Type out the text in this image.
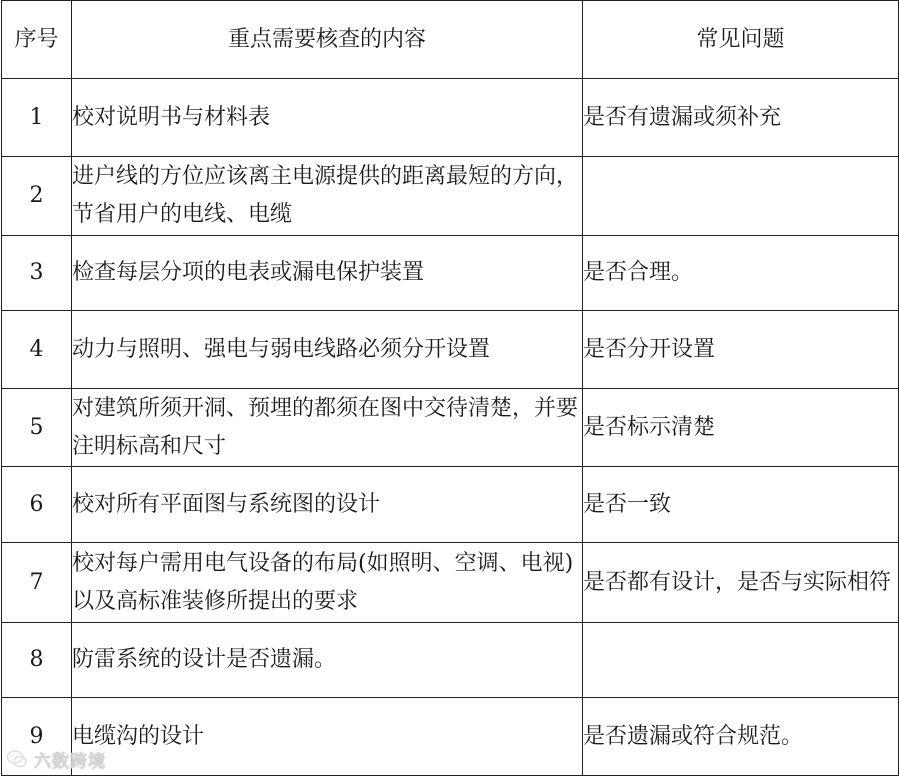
序号	重点需要核查的内容	常见问题
1	校对说明书与材料表	是否有遗漏或须补充
2	进户线的方位应该离主电源提供的距离最短的方向，节省用户的电线、电缆	
3	检查每层分项的电表或漏电保护装置	是否合理。
4	动力与照明、强电与弱电线路必须分开设置	是否分开设置
5	对建筑所须开洞、预埋的都须在图中交待清楚，并要注明标高和尺寸	是否标示清楚
6	校对所有平面图与系统图的设计	是否一致
7	校对每户需用电气设备的布局(如照明、空调、电视)以及高标准装修所提出的要求	是否都有设计，是否与实际相符
8	防雷系统的设计是否遗漏。	
9	电缆沟的设计	是否遗漏或符合规范。
六数跨境
